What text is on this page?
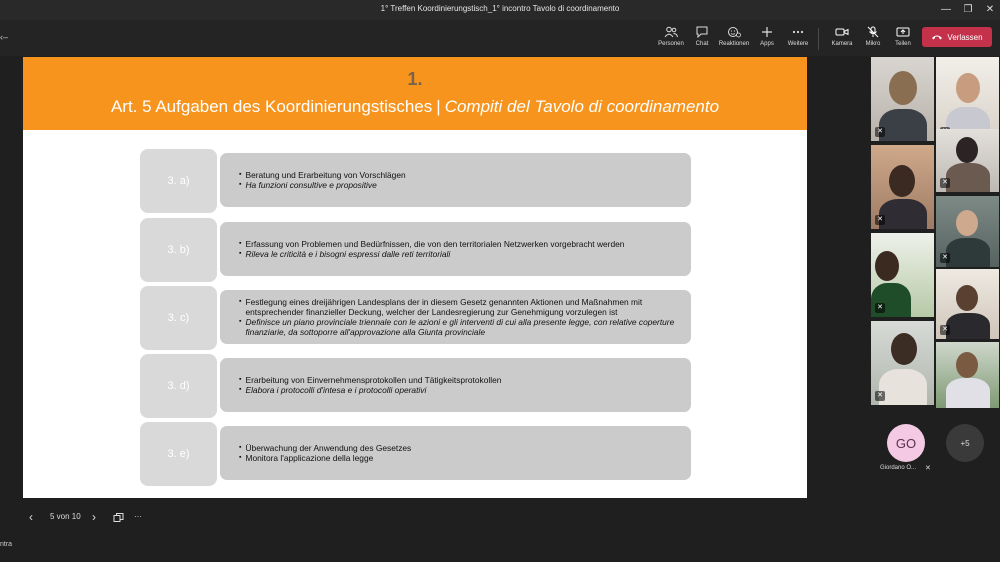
1° Treffen Koordinierungstisch_1° incontro Tavolo di coordinamento	—	❐	✕
‹–
Personen	Chat	Reaktionen	Apps	Weitere	Kamera	Mikro	Teilen
Verlassen
1.
Art. 5 Aufgaben des Koordinierungstisches | Compiti del Tavolo di coordinamento
3. a)	▪ Beratung und Erarbeitung von Vorschlägen
▪ Ha funzioni consultive e propositive
3. b)	▪ Erfassung von Problemen und Bedürfnissen, die von den territorialen Netzwerken vorgebracht werden
▪ Rileva le criticità e i bisogni espressi dalle reti territoriali
3. c)
▪ Festlegung eines dreijährigen Landesplans der in diesem Gesetz genannten Aktionen und Maßnahmen mit entsprechender finanzieller Deckung, welcher der Landesregierung zur Genehmigung vorzulegen ist
▪ Definisce un piano provinciale triennale con le azioni e gli interventi di cui alla presente legge, con relative coperture finanziarie, da sottoporre all'approvazione alla Giunta provinciale
3. d)	▪ Erarbeitung von Einvernehmensprotokollen und Tätigkeitsprotokollen
▪ Elabora i protocolli d'intesa e i protocolli operativi
3. e)	▪ Überwachung der Anwendung des Gesetzes
▪ Monitora l'applicazione della legge
‹ 5 von 10 ›	···
ntra
✕
✕
✕
✕
✕
✕
✕
GO
Giordano O... ✕
+5
